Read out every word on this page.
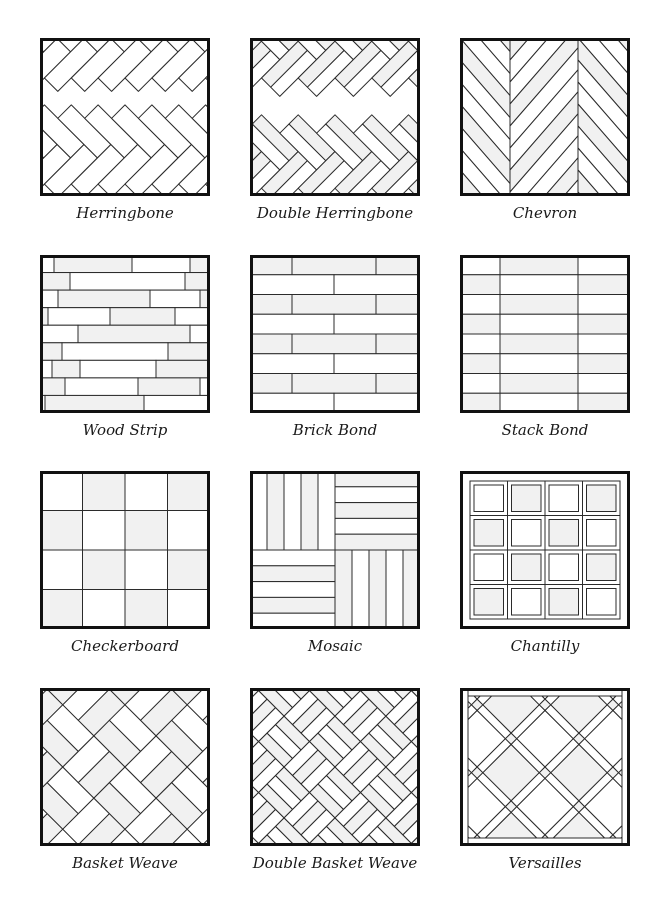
Herringbone	Double Herringbone	Chevron
Wood Strip	Brick Bond	Stack Bond
Checkerboard	Mosaic	Chantilly
Basket Weave	Double Basket Weave	Versailles
